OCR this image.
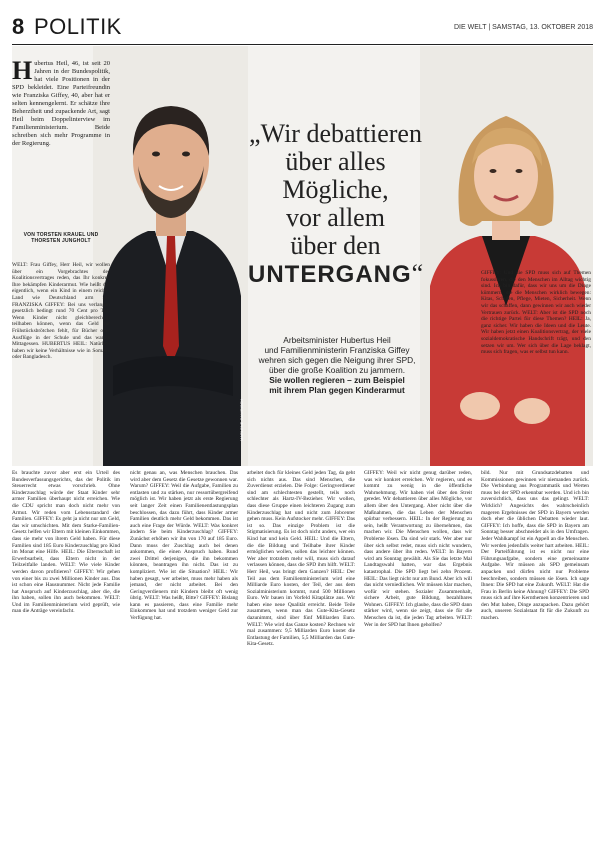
8 POLITIK	DIE WELT | SAMSTAG, 13. OKTOBER 2018
MARLENE GAWRISCH
Hubertus Heil, 46, ist seit 20 Jahren in der Bundespolitik, hat viele Positionen in der SPD bekleidet. Eine Parteifreundin wie Franziska Giffey, 40, aber hat er selten kennengelernt. Er schätze ihre Beherztheit und zupackende Art, sagt Heil beim Doppelinterview im Familienministerium. Beide schreiben sich mehr Programme in der Regierung.
VON TORSTEN KRAUEL UND THORSTEN JUNGHOLT
WELT: Frau Giffey, Herr Heil, wir wollen über ein Vorgebrachtes des Koalitionsvertrages reden, das Ihr konkret, Ihre bekämpfen Kinderarmut. Wie heißt das eigentlich, wenn ein Kind in einem reichen Land wie Deutschland arm ist? FRANZISKA GIFFEY: Bei uns verlangen gesetzlich bedingt rund 70 Cent pro Tag. Wenn Kinder nicht gleichberechtigt teilhaben können, wenn das Geld für Frühstücksbrötchen fehlt, für Bücher oder Ausflüge in der Schule und das warme Mittagessen. HUBERTUS HEIL: Natürlich haben wir keine Verhältnisse wie in Somalia oder Bangladesch.
„Wir debattieren
über alles
Mögliche,
vor allem
über den
UNTERGANG“
Arbeitsminister Hubertus Heil
und Familienministerin Franziska Giffey
wehren sich gegen die Neigung ihrer SPD,
über die große Koalition zu jammern.
Sie wollen regieren – zum Beispiel
mit ihrem Plan gegen Kinderarmut
Es brauchte zuvor aber erst ein Urteil des Bundesverfassungsgerichts, das der Politik im Steuerrecht etwas vorschrieb. Ohne Kinderzuschlag würde der Staat Kinder sehr armer Familien überhaupt nicht erreichen. Wie die CDU spricht man doch nicht mehr von Armut. Wir reden vom Lebensstandard der Familien. GIFFEY: Es geht ja nicht nur um Geld, das wir umschichten. Mit dem Starke-Familien-Gesetz helfen wir Eltern mit kleinen Einkommen, dass sie mehr von ihrem Geld haben. Für diese Familien sind 185 Euro Kinderzuschlag pro Kind im Monat eine Hilfe. HEIL: Die Elternschaft ist Erwerbsarbeit, dass Eltern nicht in der Teilzeitfalle landen. WELT: Wie viele Kinder werden davon profitieren? GIFFEY: Wir gehen von einer bis zu zwei Millionen Kinder aus. Das ist schon eine Hausnummer. Nicht jede Familie hat Anspruch auf Kinderzuschlag, aber die, die ihn haben, sollen ihn auch bekommen. WELT: Und im Familienministerium wird geprüft, wie man die Anträge vereinfacht.
nicht genau an, was Menschen brauchen. Das wird aber dem Gesetz die Gesetze gewonnen war. Warum? GIFFEY: Weil die Aufgabe, Familien zu entlasten und zu stärken, nur ressortübergreifend möglich ist. Wir haben jetzt als erste Regierung seit langer Zeit einen Familienentlastungsplan beschlossen, das dazu führt, dass Kinder armer Familien deutlich mehr Geld bekommen. Das ist auch eine Frage der Würde. WELT: Was konkret ändern Sie beim Kinderzuschlag? GIFFEY: Zunächst erhöhen wir ihn von 170 auf 185 Euro. Dann muss der Zuschlag auch bei denen ankommen, die einen Anspruch haben. Rund zwei Drittel derjenigen, die ihn bekommen könnten, beantragen ihn nicht. Das ist zu kompliziert. Wie ist die Situation? HEIL: Wir haben gesagt, wer arbeitet, muss mehr haben als jemand, der nicht arbeitet. Bei den Geringverdienern mit Kindern bleibt oft wenig übrig. WELT: Was heißt, Bitte? GIFFEY: Bislang kann es passieren, dass eine Familie mehr Einkommen hat und trotzdem weniger Geld zur Verfügung hat.
arbeitet doch für kleines Geld jeden Tag, da geht sich nichts aus. Das sind Menschen, die Zuverdienst erzielen. Die Folge: Geringverdiener sind am schlechtesten gestellt, teils noch schlechter als Hartz-IV-Bezieher. Wir wollen, dass diese Gruppe einen leichteren Zugang zum Kinderzuschlag hat und nicht zum Jobcenter gehen muss. Kein Aufstocker mehr. GIFFEY: Das ist so. Das einzige Problem ist die Stigmatisierung. Es ist doch nicht anders, wer ein Kind hat und kein Geld. HEIL: Und die Eltern, die die Bildung und Teilhabe ihrer Kinder ermöglichen wollen, sollen das leichter können. Wer aber trotzdem mehr will, muss sich darauf verlassen können, dass die SPD ihm hilft. WELT: Herr Heil, was bringt dem Ganzen? HEIL: Der Teil aus dem Familienministerium wird eine Milliarde Euro kosten, der Teil, der aus dem Sozialministerium kommt, rund 500 Millionen Euro. Wir bauen im Vorfeld Kitaplätze aus. Wir haben eine neue Qualität erreicht. Beide Teile zusammen, wenn man das Gute-Kita-Gesetz dazunimmt, sind über fünf Milliarden Euro. WELT: Wie wird das Ganze kosten? Rechnen wir mal zusammen: 9,5 Milliarden Euro kostet die Entlastung der Familien, 5,5 Milliarden das Gute-Kita-Gesetz.
GIFFEY: Weil wir nicht genug darüber reden, was wir konkret erreichen. Wir regieren, und es kommt zu wenig in die öffentliche Wahrnehmung. Wir haben viel über den Streit geredet. Wir debattieren über alles Mögliche, vor allem über den Untergang. Aber nicht über die Maßnahmen, die das Leben der Menschen spürbar verbessern. HEIL: In der Regierung zu sein, heißt Verantwortung zu übernehmen, das machen wir. Die Menschen wollen, dass wir Probleme lösen. Da sind wir stark. Wer aber nur über sich selbst redet, muss sich nicht wundern, dass andere über ihn reden. WELT: In Bayern wird am Sonntag gewählt. Als Sie das letzte Mal Landtagswahl hatten, war das Ergebnis katastrophal. Die SPD liegt bei zehn Prozent. HEIL: Das liegt nicht nur am Bund. Aber ich will das nicht verniedlichen. Wir müssen klar machen, wofür wir stehen. Sozialer Zusammenhalt, sichere Arbeit, gute Bildung, bezahlbares Wohnen. GIFFEY: Ich glaube, dass die SPD dann stärker wird, wenn sie zeigt, dass sie für die Menschen da ist, die jeden Tag arbeiten. WELT: Wer in der SPD hat Ihnen geholfen?
bild. Nur mit Grundsatzdebatten und Kommissionen gewinnen wir niemanden zurück. Die Verbindung aus Programmatik und Werten muss bei der SPD erkennbar werden. Und ich bin zuversichtlich, dass uns das gelingt. WELT: Wirklich? Angesichts des wahrscheinlich mageren Ergebnisses der SPD in Bayern werden doch eher die üblichen Debatten wieder laut. GIFFEY: Ich hoffe, dass die SPD in Bayern am Sonntag besser abschneidet als in den Umfragen. Jeder Wahlkampf ist ein Appell an die Menschen. Wir werden jedenfalls weiter hart arbeiten. HEIL: Der Parteiführung ist es nicht nur eine Führungsaufgabe, sondern eine gemeinsame Aufgabe. Wir müssen als SPD gemeinsam anpacken und dürfen nicht nur Probleme beschreiben, sondern müssen sie lösen. Ich sage Ihnen: Die SPD hat eine Zukunft. WELT: Hat die Frau in Berlin keine Ahnung? GIFFEY: Die SPD muss sich auf ihre Kernthemen konzentrieren und den Mut haben, Dinge anzupacken. Dazu gehört auch, unseren Sozialstaat fit für die Zukunft zu machen.
GIFFEY: Und die SPD muss sich auf Themen fokussieren, die den Menschen im Alltag wichtig sind. Ich bin dafür, dass wir uns um die Dinge kümmern, die die Menschen wirklich bewegen: Kitas, Schulen, Pflege, Mieten, Sicherheit. Wenn wir das schaffen, dann gewinnen wir auch wieder Vertrauen zurück. WELT: Aber ist die SPD noch die richtige Partei für diese Themen? HEIL: Ja, ganz sicher. Wir haben die Ideen und die Leute. Wir haben jetzt einen Koalitionsvertrag, der viele sozialdemokratische Handschrift trägt, und den setzen wir um. Wer sich über die Lage beklagt, muss sich fragen, was er selbst tun kann.
